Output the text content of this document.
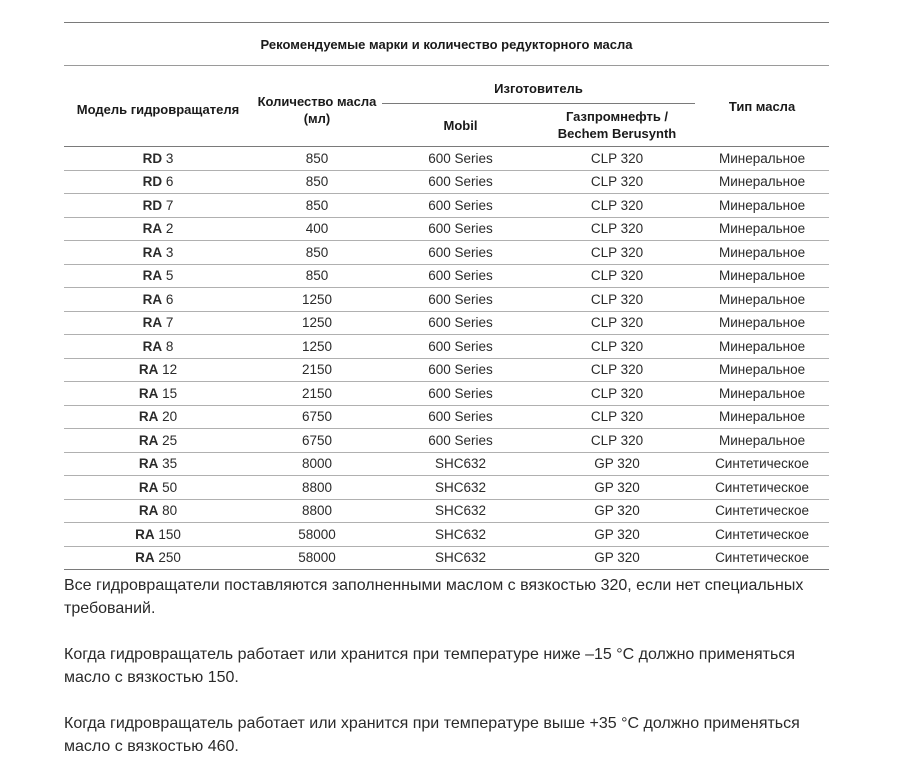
Рекомендуемые марки и количество редукторного масла				
Модель гидровращателя	Количество масла (мл)	Изготовитель		Тип масла
		Mobil	Газпромнефть / Bechem Berusynth	
RD 3	850	600 Series	CLP 320	Минеральное
RD 6	850	600 Series	CLP 320	Минеральное
RD 7	850	600 Series	CLP 320	Минеральное
RA 2	400	600 Series	CLP 320	Минеральное
RA 3	850	600 Series	CLP 320	Минеральное
RA 5	850	600 Series	CLP 320	Минеральное
RA 6	1250	600 Series	CLP 320	Минеральное
RA 7	1250	600 Series	CLP 320	Минеральное
RA 8	1250	600 Series	CLP 320	Минеральное
RA 12	2150	600 Series	CLP 320	Минеральное
RA 15	2150	600 Series	CLP 320	Минеральное
RA 20	6750	600 Series	CLP 320	Минеральное
RA 25	6750	600 Series	CLP 320	Минеральное
RA 35	8000	SHC632	GP 320	Синтетическое
RA 50	8800	SHC632	GP 320	Синтетическое
RA 80	8800	SHC632	GP 320	Синтетическое
RA 150	58000	SHC632	GP 320	Синтетическое
RA 250	58000	SHC632	GP 320	Синтетическое

Все гидровращатели поставляются заполненными маслом с вязкостью 320, если нет специальных требований.

Когда гидровращатель работает или хранится при температуре ниже –15 °C должно применяться масло с вязкостью 150.

Когда гидровращатель работает или хранится при температуре выше +35 °C должно применяться масло с вязкостью 460.
